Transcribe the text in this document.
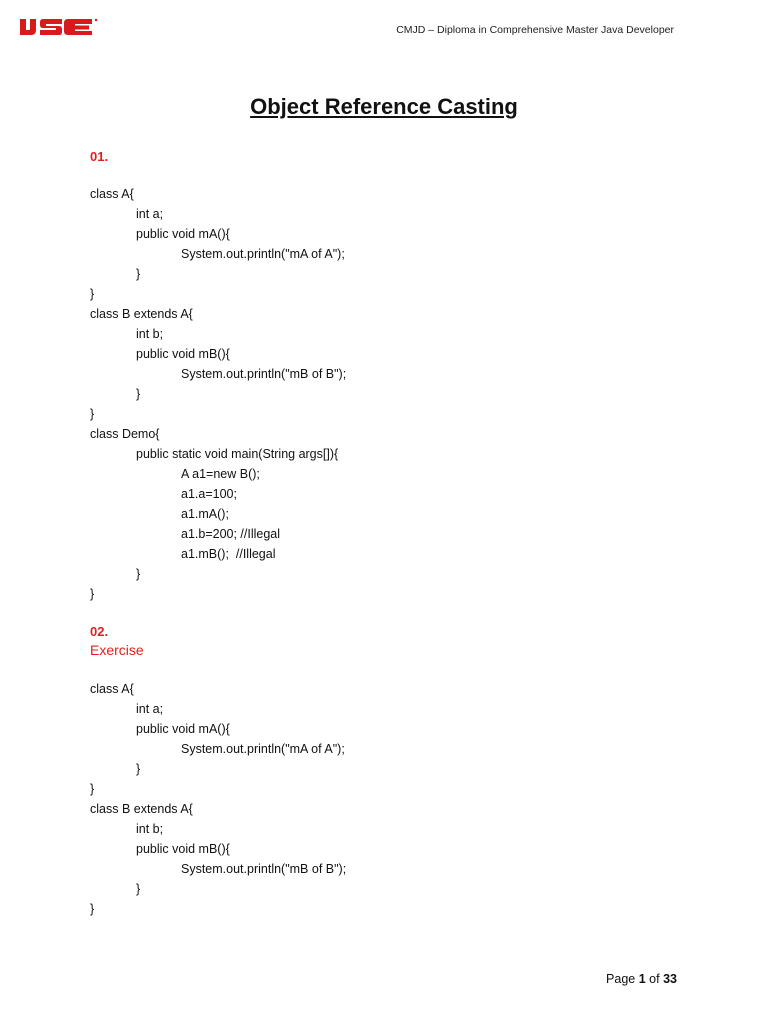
CMJD – Diploma in Comprehensive Master Java Developer
Object Reference Casting
01.
class A{
int a;
public void mA(){
System.out.println("mA of A");
}
}
class B extends A{
int b;
public void mB(){
System.out.println("mB of B");
}
}
class Demo{
public static void main(String args[]){
A a1=new B();
a1.a=100;
a1.mA();
a1.b=200; //Illegal
a1.mB();  //Illegal
}
}
02.
Exercise
class A{
int a;
public void mA(){
System.out.println("mA of A");
}
}
class B extends A{
int b;
public void mB(){
System.out.println("mB of B");
}
}
Page 1 of 33
